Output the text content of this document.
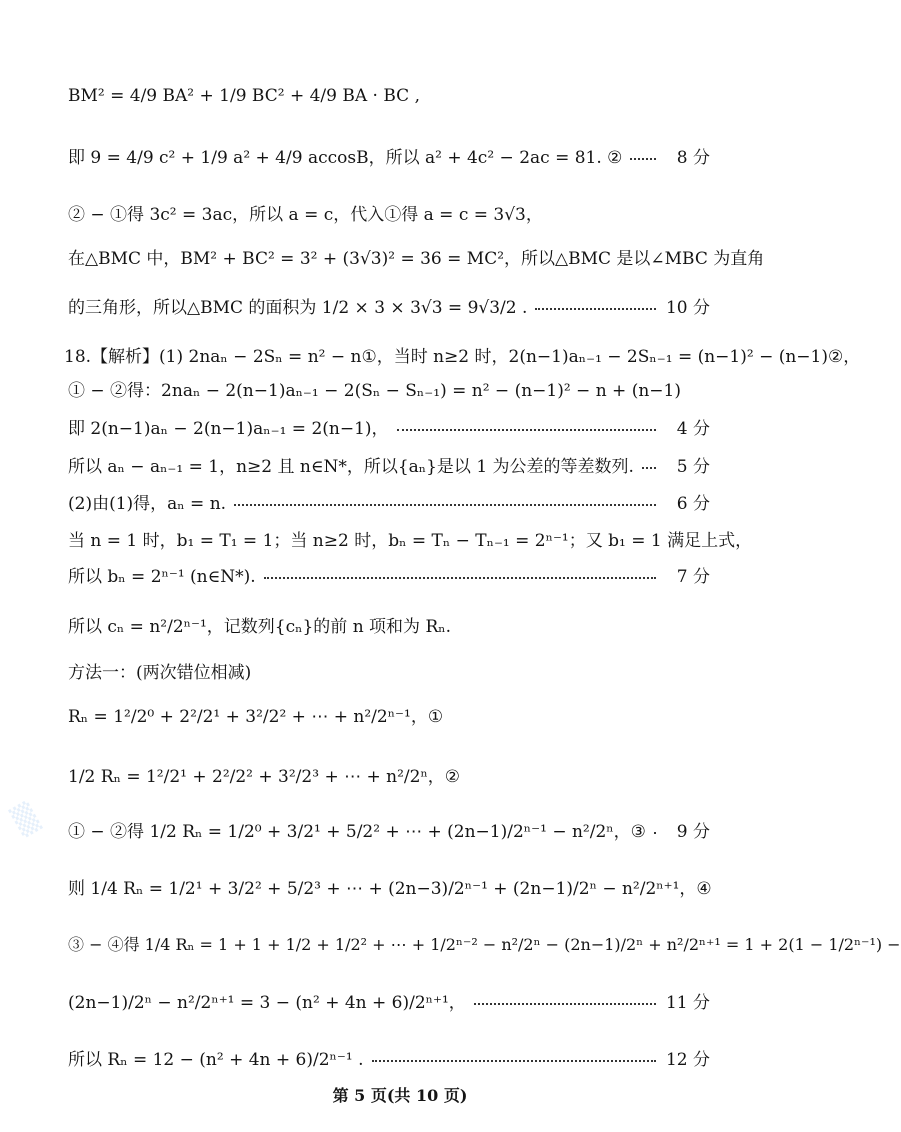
▒
BM² = 4/9 BA² + 1/9 BC² + 4/9 BA · BC ,
即 9 = 4/9 c² + 1/9 a² + 4/9 accosB，所以 a² + 4c² − 2ac = 81. ②	8 分
② − ①得 3c² = 3ac，所以 a = c，代入①得 a = c = 3√3，
在△BMC 中，BM² + BC² = 3² + (3√3)² = 36 = MC²，所以△BMC 是以∠MBC 为直角
的三角形，所以△BMC 的面积为 1/2 × 3 × 3√3 = 9√3/2 .	10 分
18.【解析】(1) 2naₙ − 2Sₙ = n² − n①，当时 n≥2 时，2(n−1)aₙ₋₁ − 2Sₙ₋₁ = (n−1)² − (n−1)②，
① − ②得：2naₙ − 2(n−1)aₙ₋₁ − 2(Sₙ − Sₙ₋₁) = n² − (n−1)² − n + (n−1)
即 2(n−1)aₙ − 2(n−1)aₙ₋₁ = 2(n−1)，	4 分
所以 aₙ − aₙ₋₁ = 1，n≥2 且 n∈N*，所以{aₙ}是以 1 为公差的等差数列.	5 分
(2)由(1)得，aₙ = n.	6 分
当 n = 1 时，b₁ = T₁ = 1；当 n≥2 时，bₙ = Tₙ − Tₙ₋₁ = 2ⁿ⁻¹；又 b₁ = 1 满足上式，
所以 bₙ = 2ⁿ⁻¹ (n∈N*).	7 分
所以 cₙ = n²/2ⁿ⁻¹，记数列{cₙ}的前 n 项和为 Rₙ.
方法一：(两次错位相减)
Rₙ = 1²/2⁰ + 2²/2¹ + 3²/2² + ⋯ + n²/2ⁿ⁻¹，①
1/2 Rₙ = 1²/2¹ + 2²/2² + 3²/2³ + ⋯ + n²/2ⁿ，②
① − ②得 1/2 Rₙ = 1/2⁰ + 3/2¹ + 5/2² + ⋯ + (2n−1)/2ⁿ⁻¹ − n²/2ⁿ，③ 9 分
则 1/4 Rₙ = 1/2¹ + 3/2² + 5/2³ + ⋯ + (2n−3)/2ⁿ⁻¹ + (2n−1)/2ⁿ − n²/2ⁿ⁺¹，④
③ − ④得 1/4 Rₙ = 1 + 1 + 1/2 + 1/2² + ⋯ + 1/2ⁿ⁻² − n²/2ⁿ − (2n−1)/2ⁿ + n²/2ⁿ⁺¹ = 1 + 2(1 − 1/2ⁿ⁻¹) −
(2n−1)/2ⁿ − n²/2ⁿ⁺¹ = 3 − (n² + 4n + 6)/2ⁿ⁺¹，	11 分
所以 Rₙ = 12 − (n² + 4n + 6)/2ⁿ⁻¹ .	12 分
第 5 页(共 10 页)
